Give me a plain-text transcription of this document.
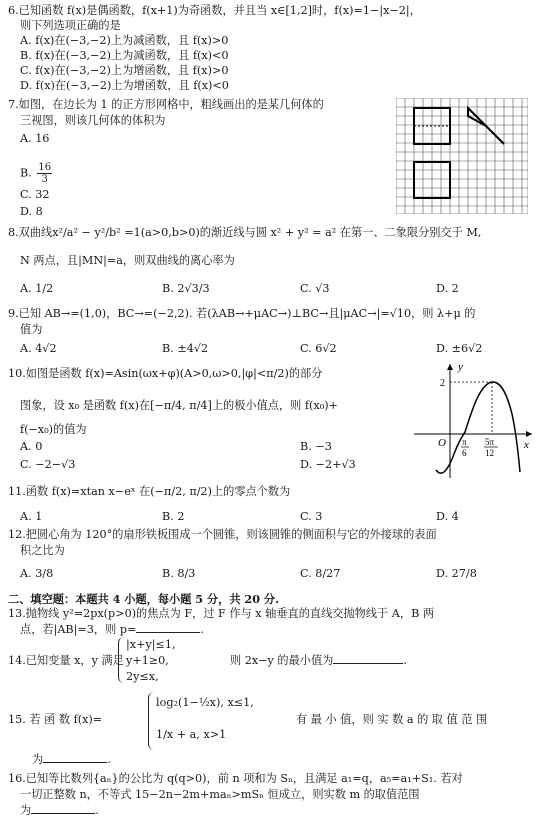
6.已知函数 f(x)是偶函数，f(x+1)为奇函数，并且当 x∈[1,2]时，f(x)=1−|x−2|，
则下列选项正确的是
A. f(x)在(−3,−2)上为减函数，且 f(x)>0
B. f(x)在(−3,−2)上为减函数，且 f(x)<0
C. f(x)在(−3,−2)上为增函数，且 f(x)>0
D. f(x)在(−3,−2)上为增函数，且 f(x)<0
7.如图，在边长为 1 的正方形网格中，粗线画出的是某几何体的
三视图，则该几何体的体积为
A. 16
B. $\frac{16}{3}$
C. 32
D. 8
8.双曲线x²/a² − y²/b² =1(a>0,b>0)的渐近线与圆 x² + y² = a² 在第一、二象限分别交于 M,
N 两点，且|MN|=a，则双曲线的离心率为
A. 1/2	B. 2√3/3	C. √3	D. 2
9.已知 AB→=(1,0)，BC→=(−2,2). 若(λAB→+μAC→)⊥BC→且|μAC→|=√10，则 λ+μ 的
值为
A. 4√2	B. ±4√2	C. 6√2	D. ±6√2
10.如图是函数 f(x)=Asin(ωx+φ)(A>0,ω>0,|φ|<π/2)的部分
图象，设 x₀ 是函数 f(x)在[−π/4, π/4]上的极小值点，则 f(x₀)+
f(−x₀)的值为
A. 0	B. −3
C. −2−√3	D. −2+√3
y
x
O
2
π
6
5π
12
11.函数 f(x)=xtan x−eˣ 在(−π/2, π/2)上的零点个数为
A. 1	B. 2	C. 3	D. 4
12.把圆心角为 120°的扇形铁板围成一个圆锥，则该圆锥的侧面积与它的外接球的表面
积之比为
A. 3/8	B. 8/3	C. 8/27	D. 27/8
二、填空题：本题共 4 小题，每小题 5 分，共 20 分.
13.抛物线 y²=2px(p>0)的焦点为 F，过 F 作与 x 轴垂直的直线交抛物线于 A，B 两
点，若|AB|=3，则 p=	.
14.已知变量 x，y 满足
|x+y|≤1,
y+1≥0,
2y≤x,
则 2x−y 的最小值为	.
15. 若 函 数 f(x)=
log₂(1−½x), x≤1,
1/x + a, x>1
有 最 小 值，则 实 数 a 的 取 值 范 围
为	.
16.已知等比数列{aₙ}的公比为 q(q>0)，前 n 项和为 Sₙ，且满足 a₁=q，a₅=a₁+S₁. 若对
一切正整数 n，不等式 15−2n−2m+maₙ>mSₙ 恒成立，则实数 m 的取值范围
为	.
